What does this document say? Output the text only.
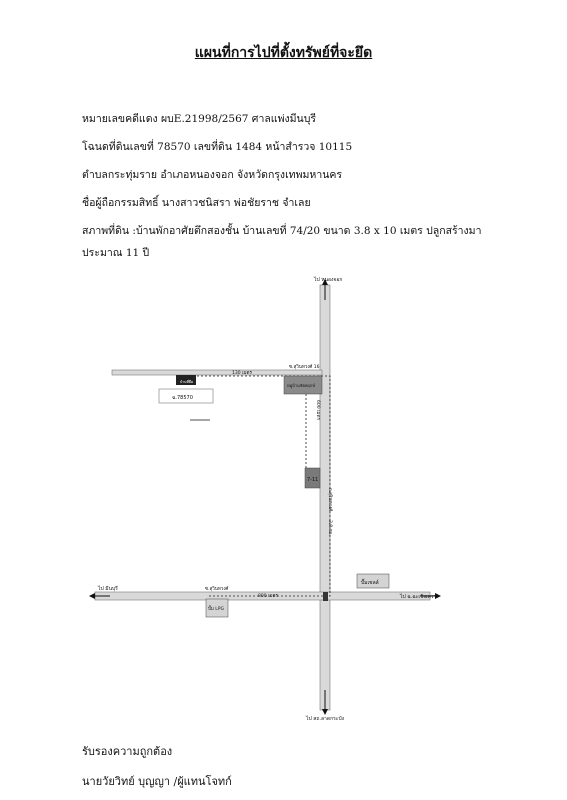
แผนที่การไปที่ตั้งทรัพย์ที่จะยึด
หมายเลขคดีแดง ผบE.21998/2567 ศาลแพ่งมีนบุรี
โฉนดที่ดินเลขที่ 78570 เลขที่ดิน 1484 หน้าสำรวจ 10115
ตำบลกระทุ่มราย อำเภอหนองจอก จังหวัดกรุงเทพมหานคร
ชื่อผู้ถือกรรมสิทธิ์ นางสาวชนิสรา พ่อชัยราช จำเลย
สภาพที่ดิน :บ้านพักอาศัยตึกสองชั้น บ้านเลขที่ 74/20 ขนาด 3.8 x 10 เมตร ปลูกสร้างมา
ประมาณ 11 ปี
ไป หนองจอก
ไป สถ.ลาดกระบัง
ไป มีนบุรี
ไป ฉ.ฉะเชิงเทรา
ซ.สุวินทวงศ์ 16
ซ.สุวินทวงศ์
130 เมตร
800 เมตร
600 เมตร
3.8 กม.
ถ.สุวินทวงศ์
บ้านที่ยึด
ฉ.78570
หมู่บ้านชัยพฤกษ์
7-11
ปั๊มเชลล์
ปั๊ม LPG
รับรองความถูกต้อง
นายวัยวิทย์ บุญญา /ผู้แทนโจทก์
